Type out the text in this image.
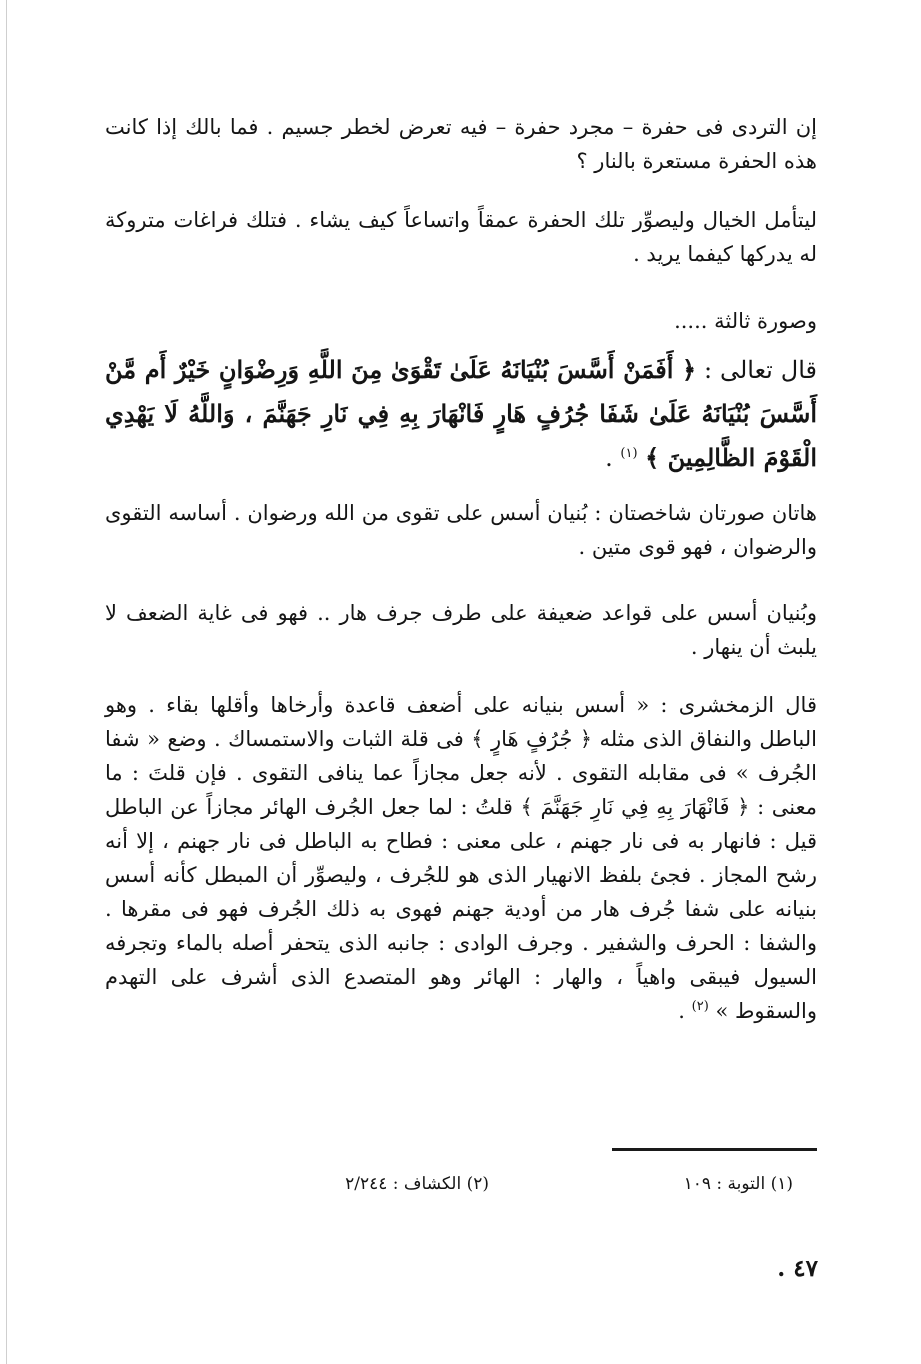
إن التردى فى حفرة – مجرد حفرة – فيه تعرض لخطر جسيم . فما بالك إذا كانت هذه الحفرة مستعرة بالنار ؟

ليتأمل الخيال وليصوِّر تلك الحفرة عمقاً واتساعاً كيف يشاء . فتلك فراغات متروكة له يدركها كيفما يريد .

وصورة ثالثة .....

قال تعالى : ﴿ أَفَمَنْ أَسَّسَ بُنْيَانَهُ عَلَىٰ تَقْوَىٰ مِنَ اللَّهِ وَرِضْوَانٍ خَيْرٌ أَم مَّنْ أَسَّسَ بُنْيَانَهُ عَلَىٰ شَفَا جُرُفٍ هَارٍ فَانْهَارَ بِهِ فِي نَارِ جَهَنَّمَ ، وَاللَّهُ لَا يَهْدِي الْقَوْمَ الظَّالِمِينَ ﴾ $^{(١)}$ .

هاتان صورتان شاخصتان : بُنيان أسس على تقوى من الله ورضوان . أساسه التقوى والرضوان ، فهو قوى متين .

وبُنيان أسس على قواعد ضعيفة على طرف جرف هار .. فهو فى غاية الضعف لا يلبث أن ينهار .

قال الزمخشرى : « أسس بنيانه على أضعف قاعدة وأرخاها وأقلها بقاء . وهو الباطل والنفاق الذى مثله ﴿ جُرُفٍ هَارٍ ﴾ فى قلة الثبات والاستمساك . وضع « شفا الجُرف » فى مقابله التقوى . لأنه جعل مجازاً عما ينافى التقوى . فإن قلتَ : ما معنى : ﴿ فَانْهَارَ بِهِ فِي نَارِ جَهَنَّمَ ﴾ قلتُ : لما جعل الجُرف الهائر مجازاً عن الباطل قيل : فانهار به فى نار جهنم ، على معنى : فطاح به الباطل فى نار جهنم ، إلا أنه رشح المجاز . فجئ بلفظ الانهيار الذى هو للجُرف ، وليصوِّر أن المبطل كأنه أسس بنيانه على شفا جُرف هار من أودية جهنم فهوى به ذلك الجُرف فهو فى مقرها . والشفا : الحرف والشفير . وجرف الوادى : جانبه الذى يتحفر أصله بالماء وتجرفه السيول فيبقى واهياً ، والهار : الهائر وهو المتصدع الذى أشرف على التهدم والسقوط » $^{(٢)}$ .

(١) التوبة : ١٠٩
(٢) الكشاف : ٢/٢٤٤
٤٧ .
